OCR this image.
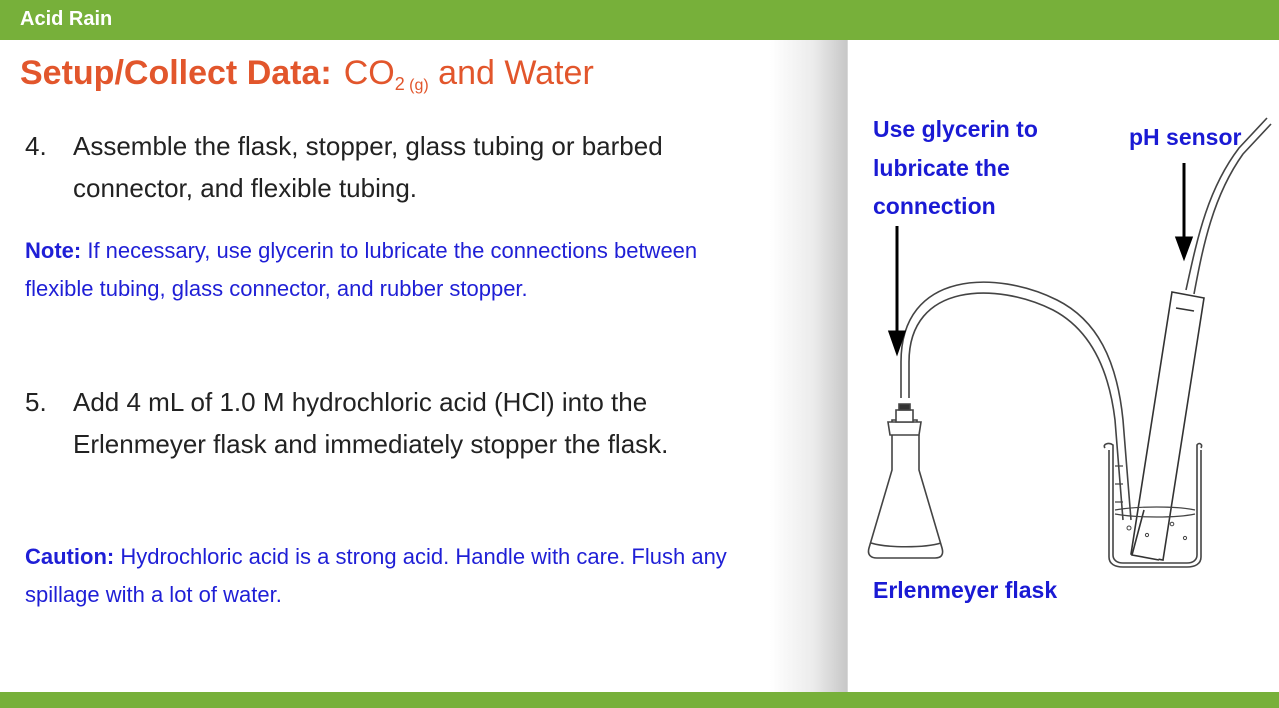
Acid Rain
Setup/Collect Data: $CO_2$ $_{(g)}$ and Water
4. Assemble the flask, stopper, glass tubing or barbed connector, and flexible tubing.
Note: If necessary, use glycerin to lubricate the connections between flexible tubing, glass connector, and rubber stopper.
5. Add 4 mL of 1.0 M hydrochloric acid (HCl) into the Erlenmeyer flask and immediately stopper the flask.
Caution: Hydrochloric acid is a strong acid. Handle with care. Flush any spillage with a lot of water.
Use glycerin to lubricate the connection
pH sensor
Erlenmeyer flask
